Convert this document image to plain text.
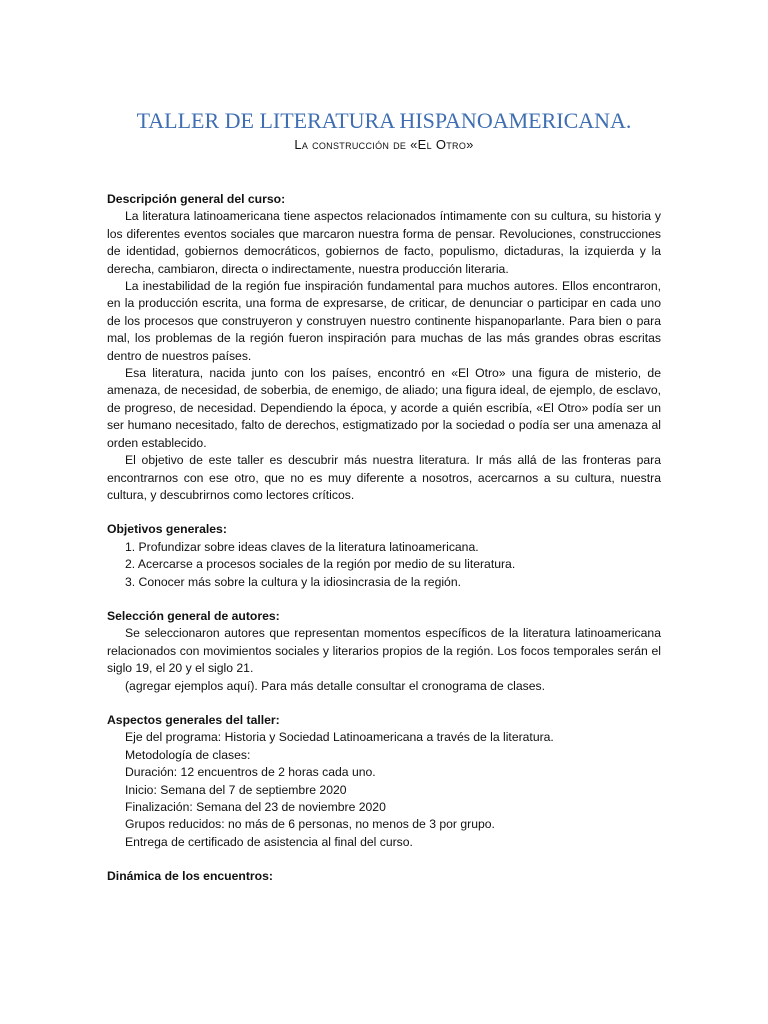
TALLER DE LITERATURA HISPANOAMERICANA.

La construcción de «El Otro»

Descripción general del curso:

La literatura latinoamericana tiene aspectos relacionados íntimamente con su cultura, su historia y los diferentes eventos sociales que marcaron nuestra forma de pensar. Revoluciones, construcciones de identidad, gobiernos democráticos, gobiernos de facto, populismo, dictaduras, la izquierda y la derecha, cambiaron, directa o indirectamente, nuestra producción literaria.

La inestabilidad de la región fue inspiración fundamental para muchos autores. Ellos encontraron, en la producción escrita, una forma de expresarse, de criticar, de denunciar o participar en cada uno de los procesos que construyeron y construyen nuestro continente hispanoparlante. Para bien o para mal, los problemas de la región fueron inspiración para muchas de las más grandes obras escritas dentro de nuestros países.

Esa literatura, nacida junto con los países, encontró en «El Otro» una figura de misterio, de amenaza, de necesidad, de soberbia, de enemigo, de aliado; una figura ideal, de ejemplo, de esclavo, de progreso, de necesidad. Dependiendo la época, y acorde a quién escribía, «El Otro» podía ser un ser humano necesitado, falto de derechos, estigmatizado por la sociedad o podía ser una amenaza al orden establecido.

El objetivo de este taller es descubrir más nuestra literatura. Ir más allá de las fronteras para encontrarnos con ese otro, que no es muy diferente a nosotros, acercarnos a su cultura, nuestra cultura, y descubrirnos como lectores críticos.

Objetivos generales:

1. Profundizar sobre ideas claves de la literatura latinoamericana.

2. Acercarse a procesos sociales de la región por medio de su literatura.

3. Conocer más sobre la cultura y la idiosincrasia de la región.

Selección general de autores:

Se seleccionaron autores que representan momentos específicos de la literatura latinoamericana relacionados con movimientos sociales y literarios propios de la región. Los focos temporales serán el siglo 19, el 20 y el siglo 21.

(agregar ejemplos aquí). Para más detalle consultar el cronograma de clases.

Aspectos generales del taller:

Eje del programa: Historia y Sociedad Latinoamericana a través de la literatura.

Metodología de clases:

Duración: 12 encuentros de 2 horas cada uno.

Inicio: Semana del 7 de septiembre 2020

Finalización: Semana del 23 de noviembre 2020

Grupos reducidos: no más de 6 personas, no menos de 3 por grupo.

Entrega de certificado de asistencia al final del curso.

Dinámica de los encuentros:
